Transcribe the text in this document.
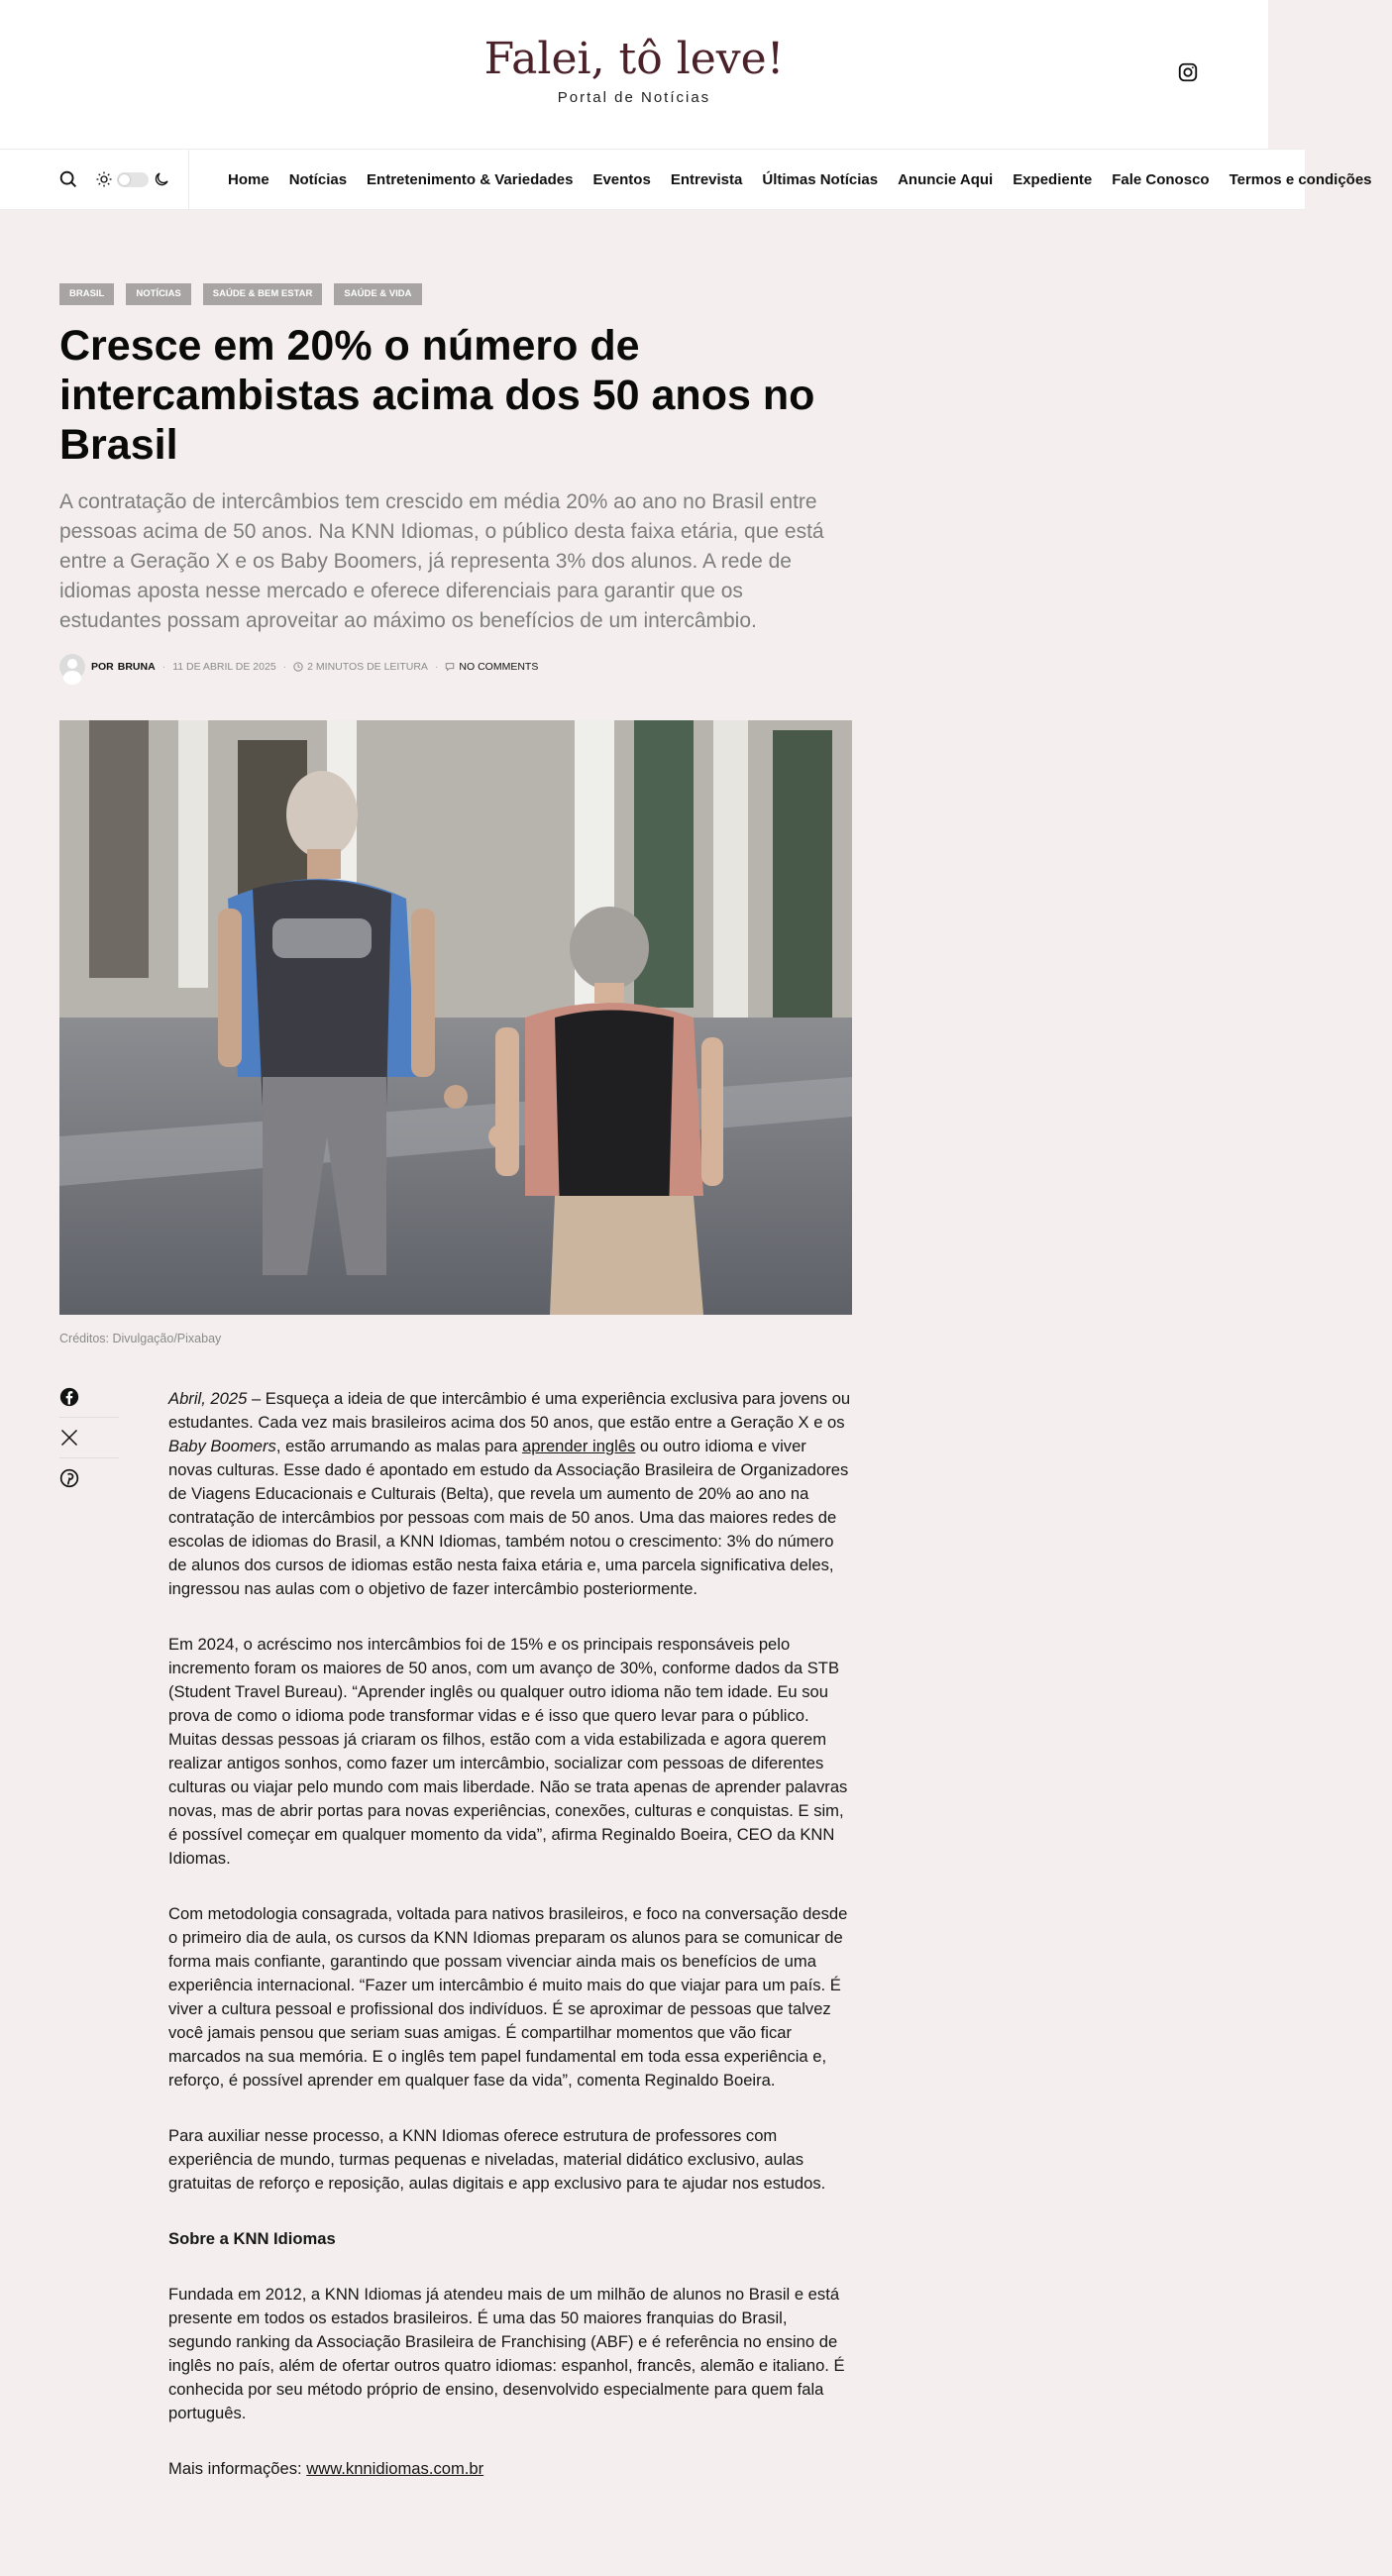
Falei, tô leve!
Portal de Notícias
Home Notícias Entretenimento & Variedades Eventos Entrevista Últimas Notícias Anuncie Aqui Expediente Fale Conosco Termos e condições
BRASIL	NOTÍCIAS	SAÚDE & BEM ESTAR	SAÚDE & VIDA
Cresce em 20% o número de intercambistas acima dos 50 anos no Brasil

A contratação de intercâmbios tem crescido em média 20% ao ano no Brasil entre pessoas acima de 50 anos. Na KNN Idiomas, o público desta faixa etária, que está entre a Geração X e os Baby Boomers, já representa 3% dos alunos. A rede de idiomas aposta nesse mercado e oferece diferenciais para garantir que os estudantes possam aproveitar ao máximo os benefícios de um intercâmbio.

POR BRUNA · 11 DE ABRIL DE 2025 · 2 MINUTOS DE LEITURA · NO COMMENTS
Créditos: Divulgação/Pixabay

Abril, 2025 – Esqueça a ideia de que intercâmbio é uma experiência exclusiva para jovens ou estudantes. Cada vez mais brasileiros acima dos 50 anos, que estão entre a Geração X e os Baby Boomers, estão arrumando as malas para aprender inglês ou outro idioma e viver novas culturas. Esse dado é apontado em estudo da Associação Brasileira de Organizadores de Viagens Educacionais e Culturais (Belta), que revela um aumento de 20% ao ano na contratação de intercâmbios por pessoas com mais de 50 anos. Uma das maiores redes de escolas de idiomas do Brasil, a KNN Idiomas, também notou o crescimento: 3% do número de alunos dos cursos de idiomas estão nesta faixa etária e, uma parcela significativa deles, ingressou nas aulas com o objetivo de fazer intercâmbio posteriormente.

Em 2024, o acréscimo nos intercâmbios foi de 15% e os principais responsáveis pelo incremento foram os maiores de 50 anos, com um avanço de 30%, conforme dados da STB (Student Travel Bureau). “Aprender inglês ou qualquer outro idioma não tem idade. Eu sou prova de como o idioma pode transformar vidas e é isso que quero levar para o público. Muitas dessas pessoas já criaram os filhos, estão com a vida estabilizada e agora querem realizar antigos sonhos, como fazer um intercâmbio, socializar com pessoas de diferentes culturas ou viajar pelo mundo com mais liberdade. Não se trata apenas de aprender palavras novas, mas de abrir portas para novas experiências, conexões, culturas e conquistas. E sim, é possível começar em qualquer momento da vida”, afirma Reginaldo Boeira, CEO da KNN Idiomas.

Com metodologia consagrada, voltada para nativos brasileiros, e foco na conversação desde o primeiro dia de aula, os cursos da KNN Idiomas preparam os alunos para se comunicar de forma mais confiante, garantindo que possam vivenciar ainda mais os benefícios de uma experiência internacional. “Fazer um intercâmbio é muito mais do que viajar para um país. É viver a cultura pessoal e profissional dos indivíduos. É se aproximar de pessoas que talvez você jamais pensou que seriam suas amigas. É compartilhar momentos que vão ficar marcados na sua memória. E o inglês tem papel fundamental em toda essa experiência e, reforço, é possível aprender em qualquer fase da vida”, comenta Reginaldo Boeira.

Para auxiliar nesse processo, a KNN Idiomas oferece estrutura de professores com experiência de mundo, turmas pequenas e niveladas, material didático exclusivo, aulas gratuitas de reforço e reposição, aulas digitais e app exclusivo para te ajudar nos estudos.

Sobre a KNN Idiomas

Fundada em 2012, a KNN Idiomas já atendeu mais de um milhão de alunos no Brasil e está presente em todos os estados brasileiros. É uma das 50 maiores franquias do Brasil, segundo ranking da Associação Brasileira de Franchising (ABF) e é referência no ensino de inglês no país, além de ofertar outros quatro idiomas: espanhol, francês, alemão e italiano. É conhecida por seu método próprio de ensino, desenvolvido especialmente para quem fala português.

Mais informações: www.knnidiomas.com.br
